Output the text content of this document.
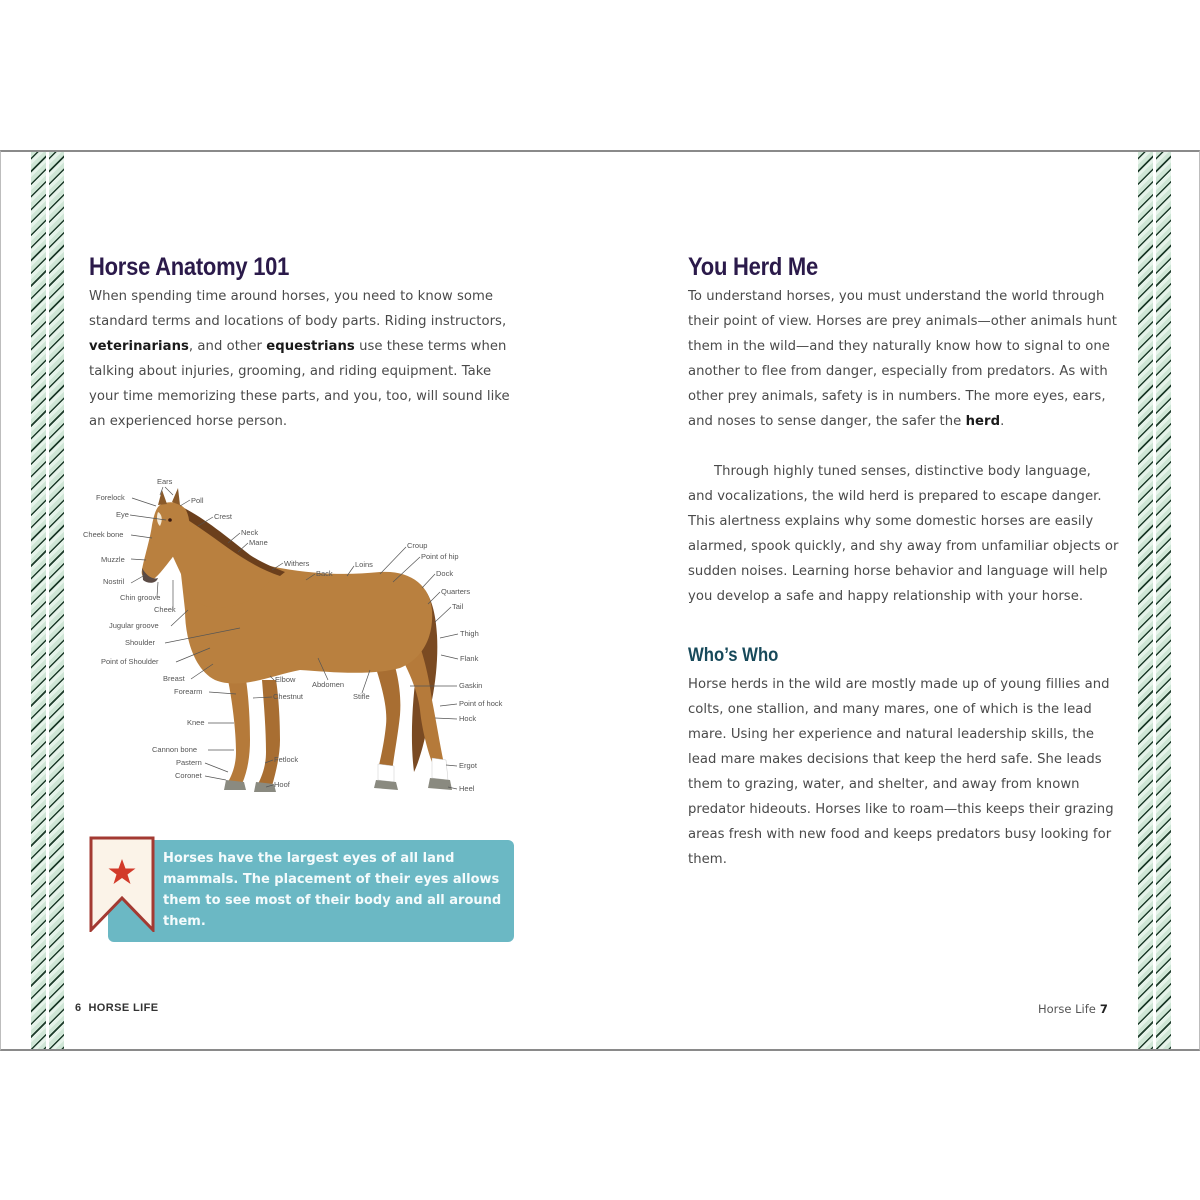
Horse Anatomy 101

When spending time around horses, you need to know some standard terms and locations of body parts. Riding instructors, veterinarians, and other equestrians use these terms when talking about injuries, grooming, and riding equipment. Take your time memorizing these parts, and you, too, will sound like an experienced horse person.

Ears
Forelock	Poll
Eye	Crest
Cheek bone	Neck
Mane
Muzzle	Withers
Back
Loins
Croup
Point of hip
Nostril
Dock
Chin groove
Quarters
Tail
Cheek
Jugular groove
Thigh
Shoulder
Point of Shoulder	Flank
Breast	Elbow
Abdomen	Gaskin
Forearm
Chestnut	Stifle
Point of hock
Hock
Knee
Cannon bone
Pastern	Fetlock
Ergot
Coronet
Hoof	Heel

Horses have the largest eyes of all land mammals. The placement of their eyes allows them to see most of their body and all around them.

6 HORSE LIFE

You Herd Me

To understand horses, you must understand the world through their point of view. Horses are prey animals—other animals hunt them in the wild—and they naturally know how to signal to one another to flee from danger, especially from predators. As with other prey animals, safety is in numbers. The more eyes, ears, and noses to sense danger, the safer the herd.

Through highly tuned senses, distinctive body language, and vocalizations, the wild herd is prepared to escape danger. This alertness explains why some domestic horses are easily alarmed, spook quickly, and shy away from unfamiliar objects or sudden noises. Learning horse behavior and language will help you develop a safe and happy relationship with your horse.

Who’s Who

Horse herds in the wild are mostly made up of young fillies and colts, one stallion, and many mares, one of which is the lead mare. Using her experience and natural leadership skills, the lead mare makes decisions that keep the herd safe. She leads them to grazing, water, and shelter, and away from known predator hideouts. Horses like to roam—this keeps their grazing areas fresh with new food and keeps predators busy looking for them.

Horse Life 7
